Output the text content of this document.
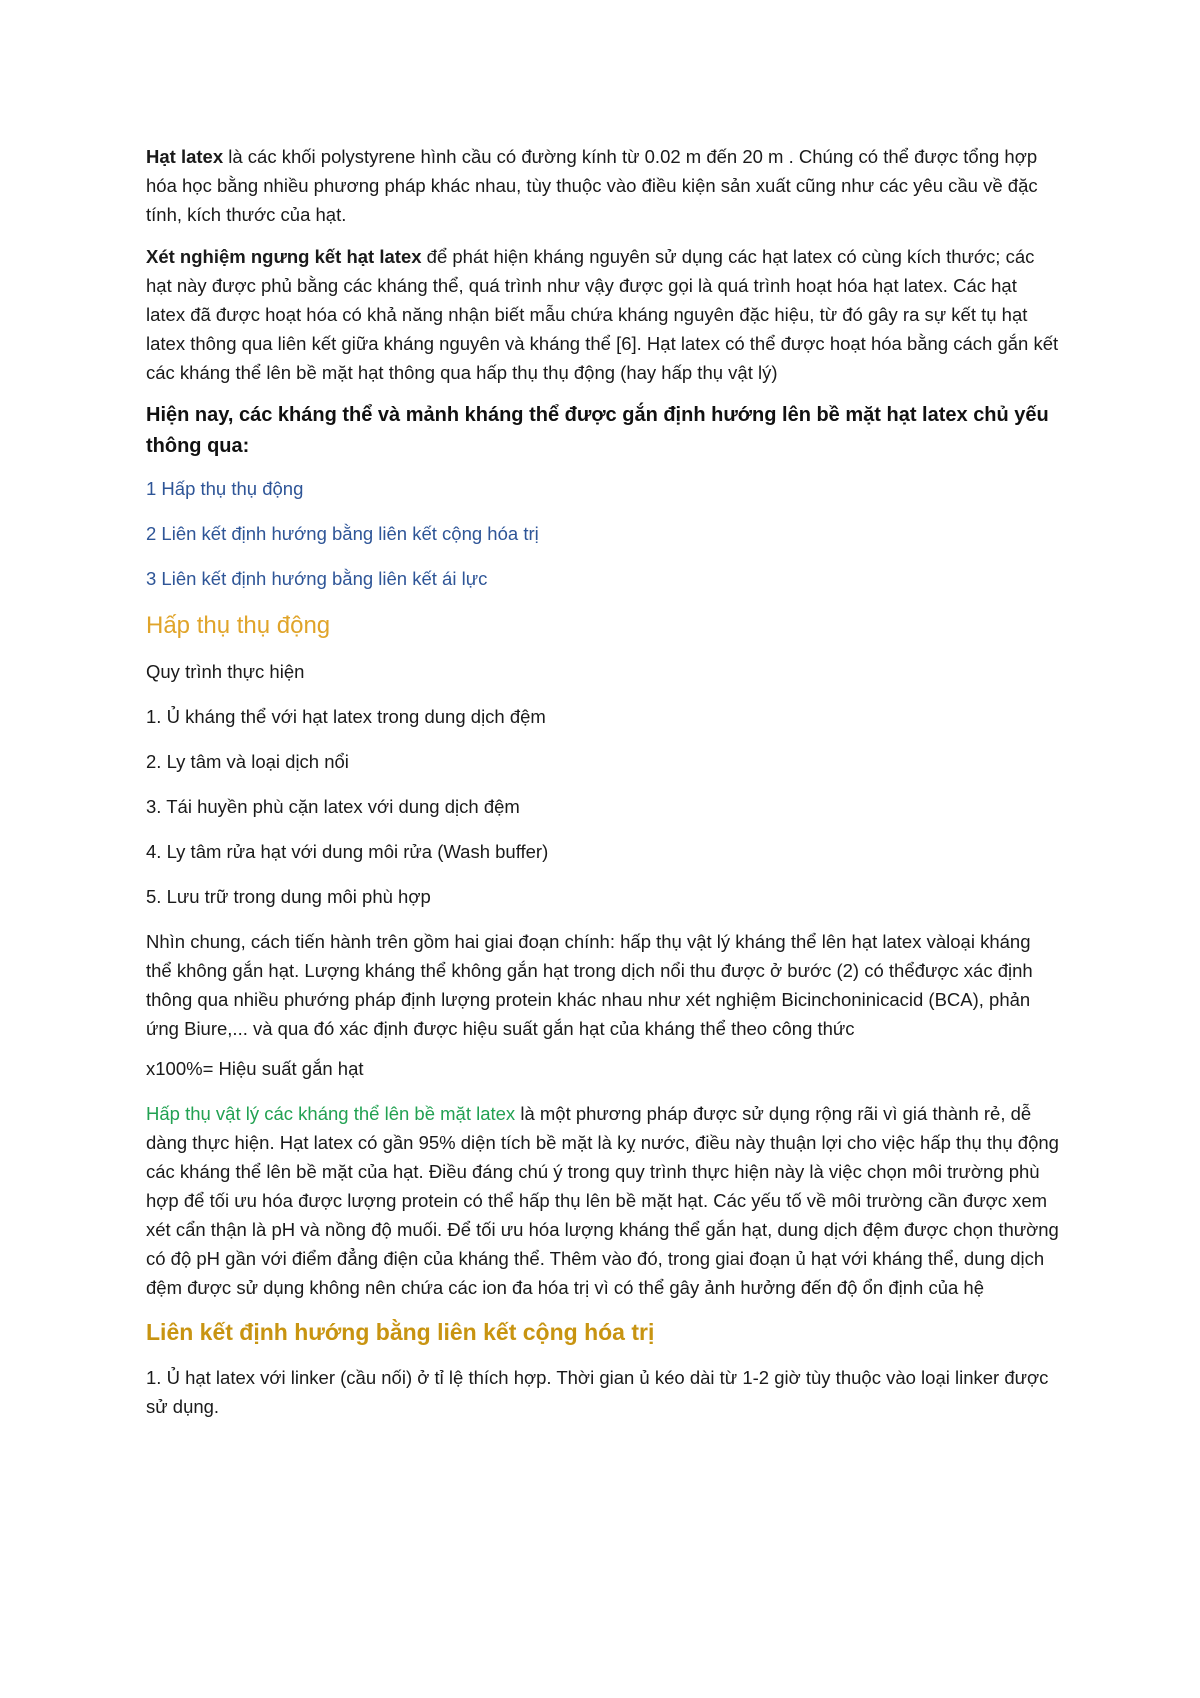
Hạt latex là các khối polystyrene hình cầu có đường kính từ 0.02 m đến 20 m . Chúng có thể được tổng hợp hóa học bằng nhiều phương pháp khác nhau, tùy thuộc vào điều kiện sản xuất cũng như các yêu cầu về đặc tính, kích thước của hạt.

Xét nghiệm ngưng kết hạt latex để phát hiện kháng nguyên sử dụng các hạt latex có cùng kích thước; các hạt này được phủ bằng các kháng thể, quá trình như vậy được gọi là quá trình hoạt hóa hạt latex. Các hạt latex đã được hoạt hóa có khả năng nhận biết mẫu chứa kháng nguyên đặc hiệu, từ đó gây ra sự kết tụ hạt latex thông qua liên kết giữa kháng nguyên và kháng thể [6]. Hạt latex có thể được hoạt hóa bằng cách gắn kết các kháng thể lên bề mặt hạt thông qua hấp thụ thụ động (hay hấp thụ vật lý)

Hiện nay, các kháng thể và mảnh kháng thể được gắn định hướng lên bề mặt hạt latex chủ yếu thông qua:

1 Hấp thụ thụ động

2 Liên kết định hướng bằng liên kết cộng hóa trị

3 Liên kết định hướng bằng liên kết ái lực

Hấp thụ thụ động

Quy trình thực hiện

1. Ủ kháng thể với hạt latex trong dung dịch đệm

2. Ly tâm và loại dịch nổi

3. Tái huyền phù cặn latex với dung dịch đệm

4. Ly tâm rửa hạt với dung môi rửa (Wash buffer)

5. Lưu trữ trong dung môi phù hợp

Nhìn chung, cách tiến hành trên gồm hai giai đoạn chính: hấp thụ vật lý kháng thể lên hạt latex vàloại kháng thể không gắn hạt. Lượng kháng thể không gắn hạt trong dịch nổi thu được ở bước (2) có thểđược xác định thông qua nhiều phướng pháp định lượng protein khác nhau như xét nghiệm Bicinchoninicacid (BCA), phản ứng Biure,... và qua đó xác định được hiệu suất gắn hạt của kháng thể theo công thức

x100%= Hiệu suất gắn hạt

Hấp thụ vật lý các kháng thể lên bề mặt latex là một phương pháp được sử dụng rộng rãi vì giá thành rẻ, dễ dàng thực hiện. Hạt latex có gần 95% diện tích bề mặt là kỵ nước, điều này thuận lợi cho việc hấp thụ thụ động các kháng thể lên bề mặt của hạt. Điều đáng chú ý trong quy trình thực hiện này là việc chọn môi trường phù hợp để tối ưu hóa được lượng protein có thể hấp thụ lên bề mặt hạt. Các yếu tố về môi trường cần được xem xét cẩn thận là pH và nồng độ muối. Để tối ưu hóa lượng kháng thể gắn hạt, dung dịch đệm được chọn thường có độ pH gần với điểm đẳng điện của kháng thể. Thêm vào đó, trong giai đoạn ủ hạt với kháng thể, dung dịch đệm được sử dụng không nên chứa các ion đa hóa trị vì có thể gây ảnh hưởng đến độ ổn định của hệ

Liên kết định hướng bằng liên kết cộng hóa trị

1. Ủ hạt latex với linker (cầu nối) ở tỉ lệ thích hợp. Thời gian ủ kéo dài từ 1-2 giờ tùy thuộc vào loại linker được sử dụng.
